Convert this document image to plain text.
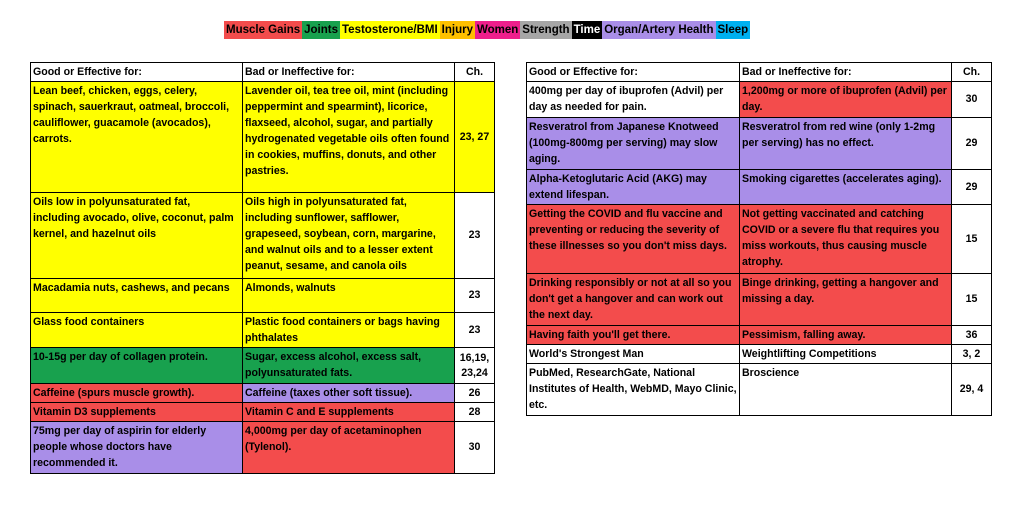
Muscle Gains Joints Testosterone/BMI Injury Women Strength Time Organ/Artery Health Sleep
Good or Effective for:	Bad or Ineffective for:	Ch.
Lean beef, chicken, eggs, celery, spinach, sauerkraut, oatmeal, broccoli, cauliflower, guacamole (avocados), carrots.	Lavender oil, tea tree oil, mint (including peppermint and spearmint), licorice, flaxseed, alcohol, sugar, and partially hydrogenated vegetable oils often found in cookies, muffins, donuts, and other pastries.	23, 27
Oils low in polyunsaturated fat, including avocado, olive, coconut, palm kernel, and hazelnut oils	Oils high in polyunsaturated fat, including sunflower, safflower, grapeseed, soybean, corn, margarine, and walnut oils and to a lesser extent peanut, sesame, and canola oils	23
Macadamia nuts, cashews, and pecans	Almonds, walnuts	23
Glass food containers	Plastic food containers or bags having phthalates	23
10-15g per day of collagen protein.	Sugar, excess alcohol, excess salt, polyunsaturated fats.	16,19, 23,24
Caffeine (spurs muscle growth).	Caffeine (taxes other soft tissue).	26
Vitamin D3 supplements	Vitamin C and E supplements	28
75mg per day of aspirin for elderly people whose doctors have recommended it.	4,000mg per day of acetaminophen (Tylenol).	30
Good or Effective for:	Bad or Ineffective for:	Ch.
400mg per day of ibuprofen (Advil) per day as needed for pain.	1,200mg or more of ibuprofen (Advil) per day.	30
Resveratrol from Japanese Knotweed (100mg-800mg per serving) may slow aging.	Resveratrol from red wine (only 1-2mg per serving) has no effect.	29
Alpha-Ketoglutaric Acid (AKG) may extend lifespan.	Smoking cigarettes (accelerates aging).	29
Getting the COVID and flu vaccine and preventing or reducing the severity of these illnesses so you don't miss days.	Not getting vaccinated and catching COVID or a severe flu that requires you miss workouts, thus causing muscle atrophy.	15
Drinking responsibly or not at all so you don't get a hangover and can work out the next day.	Binge drinking, getting a hangover and missing a day.	15
Having faith you'll get there.	Pessimism, falling away.	36
World's Strongest Man	Weightlifting Competitions	3, 2
PubMed, ResearchGate, National Institutes of Health, WebMD, Mayo Clinic, etc.	Broscience	29, 4
